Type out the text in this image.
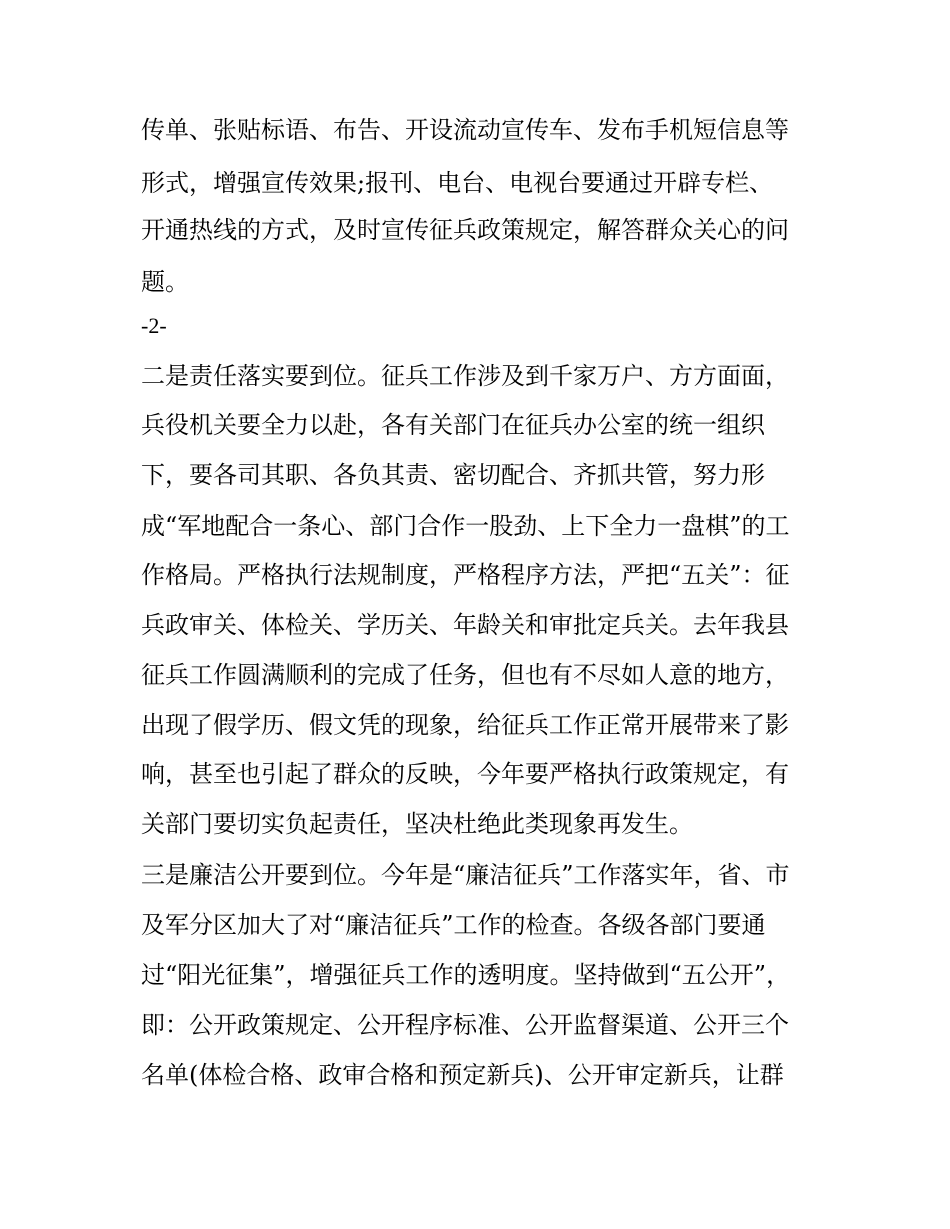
传单、张贴标语、布告、开设流动宣传车、发布手机短信息等
形式，增强宣传效果;报刊、电台、电视台要通过开辟专栏、
开通热线的方式，及时宣传征兵政策规定，解答群众关心的问
题。
-2-
二是责任落实要到位。征兵工作涉及到千家万户、方方面面，
兵役机关要全力以赴，各有关部门在征兵办公室的统一组织
下，要各司其职、各负其责、密切配合、齐抓共管，努力形
成“军地配合一条心、部门合作一股劲、上下全力一盘棋”的工
作格局。严格执行法规制度，严格程序方法，严把“五关”：征
兵政审关、体检关、学历关、年龄关和审批定兵关。去年我县
征兵工作圆满顺利的完成了任务，但也有不尽如人意的地方，
出现了假学历、假文凭的现象，给征兵工作正常开展带来了影
响，甚至也引起了群众的反映，今年要严格执行政策规定，有
关部门要切实负起责任，坚决杜绝此类现象再发生。
三是廉洁公开要到位。今年是“廉洁征兵”工作落实年，省、市
及军分区加大了对“廉洁征兵”工作的检查。各级各部门要通
过“阳光征集”，增强征兵工作的透明度。坚持做到“五公开”，
即：公开政策规定、公开程序标准、公开监督渠道、公开三个
名单(体检合格、政审合格和预定新兵)、公开审定新兵，让群
